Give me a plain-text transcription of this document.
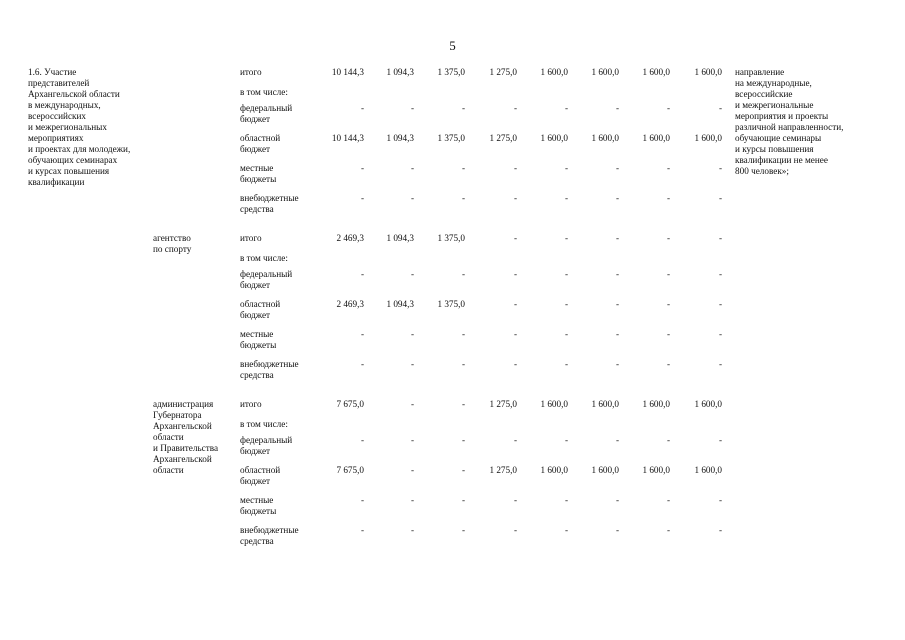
5
1.6. Участие
представителей
Архангельской области
в международных,
всероссийских
и межрегиональных
мероприятиях
и проектах для молодежи,
обучающих семинарах
и курсах повышения
квалификации
направление
на международные,
всероссийские
и межрегиональные
мероприятия и проекты
различной направленности,
обучающие семинары
и курсы повышения
квалификации не менее
800 человек»;
итого	10 144,3	1 094,3	1 375,0	1 275,0	1 600,0	1 600,0	1 600,0	1 600,0
в том числе:
федеральный
бюджет
-	-	-	-	-	-	-	-
областной
бюджет
10 144,3	1 094,3	1 375,0	1 275,0	1 600,0	1 600,0	1 600,0	1 600,0
местные
бюджеты
-	-	-	-	-	-	-	-
внебюджетные
средства
-	-	-	-	-	-	-	-
агентство
по спорту
итого	2 469,3	1 094,3	1 375,0	-	-	-	-	-
в том числе:
федеральный
бюджет
-	-	-	-	-	-	-	-
областной
бюджет
2 469,3	1 094,3	1 375,0	-	-	-	-	-
местные
бюджеты
-	-	-	-	-	-	-	-
внебюджетные
средства
-	-	-	-	-	-	-	-
администрация
Губернатора
Архангельской
области
и Правительства
Архангельской
области
итого	7 675,0	-	-	1 275,0	1 600,0	1 600,0	1 600,0	1 600,0
в том числе:
федеральный
бюджет
-	-	-	-	-	-	-	-
областной
бюджет
7 675,0	-	-	1 275,0	1 600,0	1 600,0	1 600,0	1 600,0
местные
бюджеты
-	-	-	-	-	-	-	-
внебюджетные
средства
-	-	-	-	-	-	-	-
